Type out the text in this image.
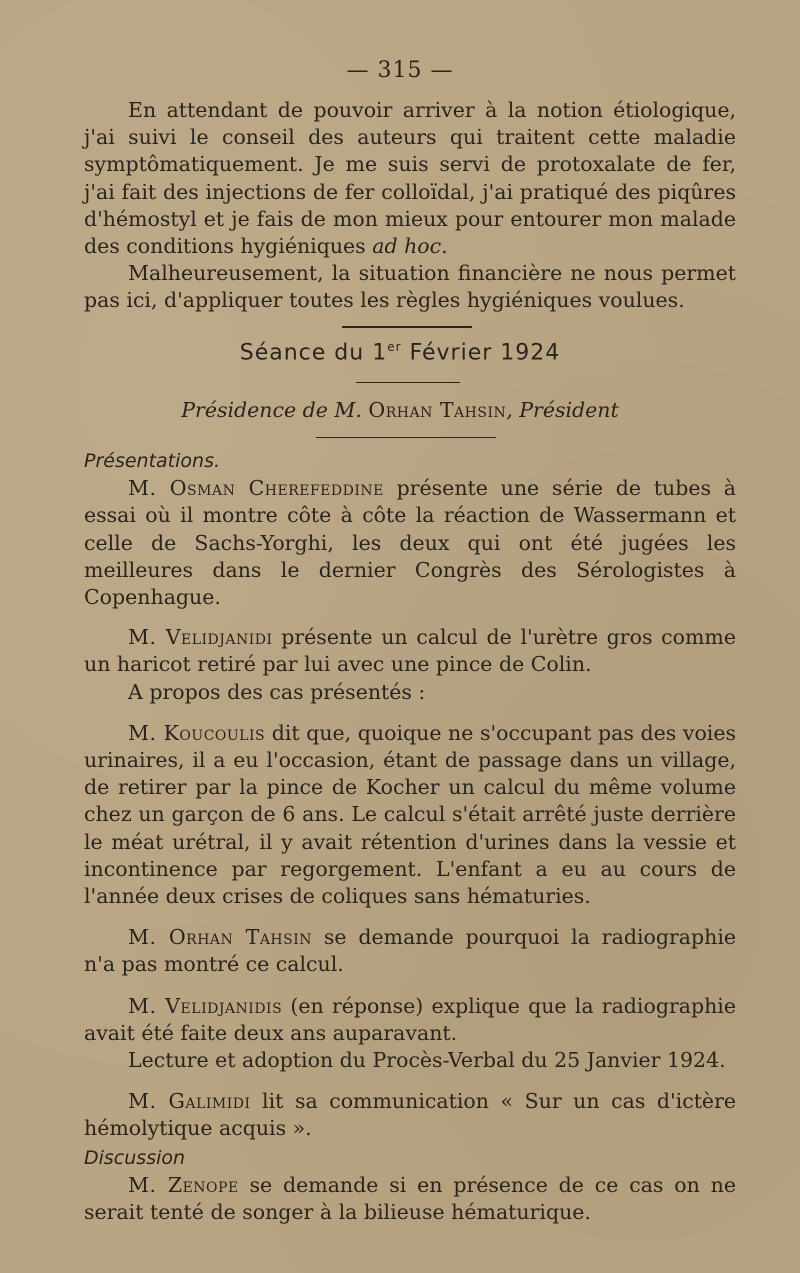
— 315 —

En attendant de pouvoir arriver à la notion étiologique, j'ai suivi le conseil des auteurs qui traitent cette maladie symptômatiquement. Je me suis servi de protoxalate de fer, j'ai fait des injections de fer colloïdal, j'ai pratiqué des piqûres d'hémostyl et je fais de mon mieux pour entourer mon malade des conditions hygiéniques ad hoc.

Malheureusement, la situation financière ne nous permet pas ici, d'appliquer toutes les règles hygiéniques voulues.

Séance du 1er Février 1924
Présidence de M. Orhan Tahsin, Président

Présentations.

M. Osman Cherefeddine présente une série de tubes à essai où il montre côte à côte la réaction de Wassermann et celle de Sachs-Yorghi, les deux qui ont été jugées les meilleures dans le dernier Congrès des Sérologistes à Copenhague.

M. Velidjanidi présente un calcul de l'urètre gros comme un haricot retiré par lui avec une pince de Colin.

A propos des cas présentés :

M. Koucoulis dit que, quoique ne s'occupant pas des voies urinaires, il a eu l'occasion, étant de passage dans un village, de retirer par la pince de Kocher un calcul du même volume chez un garçon de 6 ans. Le calcul s'était arrêté juste derrière le méat urétral, il y avait rétention d'urines dans la vessie et incontinence par regorgement. L'enfant a eu au cours de l'année deux crises de coliques sans hématuries.

M. Orhan Tahsin se demande pourquoi la radiographie n'a pas montré ce calcul.

M. Velidjanidis (en réponse) explique que la radiographie avait été faite deux ans auparavant.

Lecture et adoption du Procès-Verbal du 25 Janvier 1924.

M. Galimidi lit sa communication « Sur un cas d'ictère hémolytique acquis ».

Discussion

M. Zenope se demande si en présence de ce cas on ne serait tenté de songer à la bilieuse hématurique.
